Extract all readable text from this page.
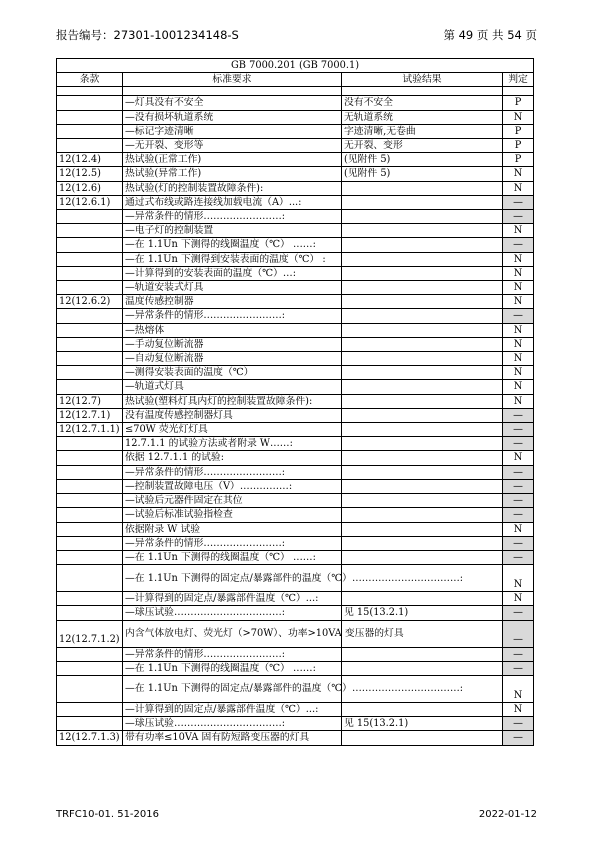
报告编号：27301-1001234148-S	第 49 页 共 54 页
GB 7000.201 (GB 7000.1)			
条款	标准要求	试验结果	判定

	—灯具没有不安全	没有不安全	P
	—没有损坏轨道系统	无轨道系统	N
	—标记字迹清晰	字迹清晰,无卷曲	P
	—无开裂、变形等	无开裂、变形	P
12(12.4)	热试验(正常工作)	(见附件 5)	P
12(12.5)	热试验(异常工作)	(见附件 5)	N
12(12.6)	热试验(灯的控制装置故障条件):		N
12(12.6.1)	通过式布线或路连接线加载电流（A）...:		—
	—异常条件的情形……………………:		—
	—电子灯的控制装置		N
	—在 1.1Un 下测得的线圈温度（℃） ……:		—
	—在 1.1Un 下测得到安装表面的温度（℃） :		N
	—计算得到的安装表面的温度（℃）…:		N
	—轨道安装式灯具		N
12(12.6.2)	温度传感控制器		N
	—异常条件的情形……………………:		—
	—热熔体		N
	—手动复位断流器		N
	—自动复位断流器		N
	—测得安装表面的温度（℃）		N
	—轨道式灯具		N
12(12.7)	热试验(塑料灯具内灯的控制装置故障条件):		N
12(12.7.1)	没有温度传感控制器灯具		—
12(12.7.1.1)	≤70W 荧光灯灯具		—
	12.7.1.1 的试验方法或者附录 W……:		—
	依据 12.7.1.1 的试验:		N
	—异常条件的情形……………………:		—
	—控制装置故障电压（V）……………:		—
	—试验后元器件固定在其位		—
	—试验后标准试验指检查		—
	依据附录 W 试验		N
	—异常条件的情形……………………:		—
	—在 1.1Un 下测得的线圈温度（℃） ……:		—
	—在 1.1Un 下测得的固定点/暴露部件的温度（℃）……………………………:		N
	—计算得到的固定点/暴露部件温度（℃）...:		N
	—球压试验……………………………:	见 15(13.2.1)	—
12(12.7.1.2)	内含气体放电灯、荧光灯（>70W）、功率>10VA 变压器的灯具		—
	—异常条件的情形……………………:		—
	—在 1.1Un 下测得的线圈温度（℃） ……:		—
	—在 1.1Un 下测得的固定点/暴露部件的温度（℃）……………………………:		N
	—计算得到的固定点/暴露部件温度（℃）...:		N
	—球压试验……………………………:	见 15(13.2.1)	—
12(12.7.1.3)	带有功率≤10VA 固有防短路变压器的灯具		—
TRFC10-01. 51-2016	2022-01-12
